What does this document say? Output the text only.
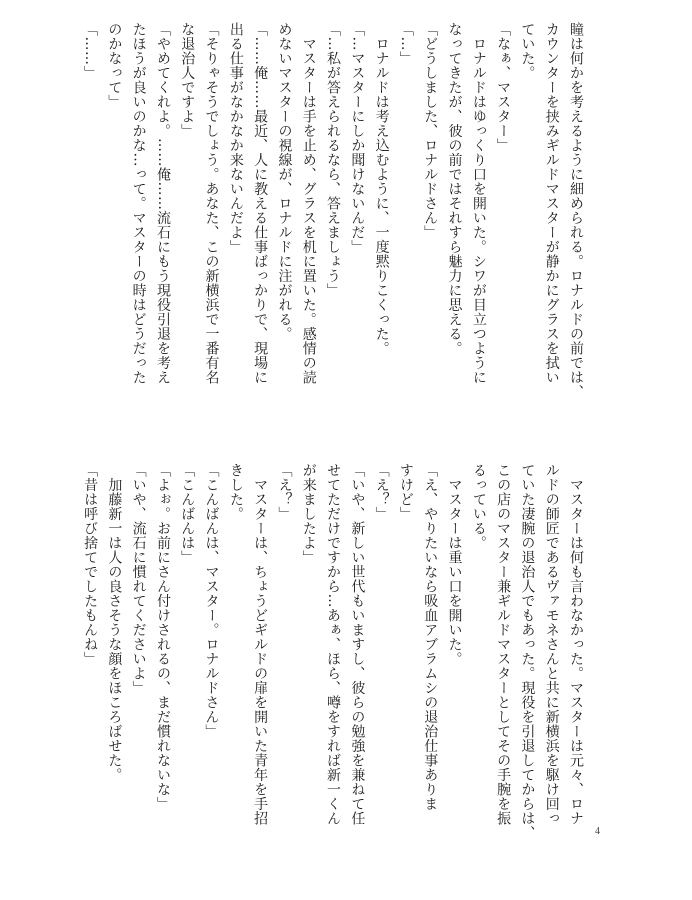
瞳は何かを考えるように細められる。ロナルドの前では、
カウンターを挟みギルドマスターが静かにグラスを拭い
ていた。
「なぁ、マスター」
　ロナルドはゆっくり口を開いた。シワが目立つように
なってきたが、彼の前ではそれすら魅力に思える。
「どうしました、ロナルドさん」
「…」
　ロナルドは考え込むように、一度黙りこくった。
「…マスターにしか聞けないんだ」
「…私が答えられるなら、答えましょう」
　マスターは手を止め、グラスを机に置いた。感情の読
めないマスターの視線が、ロナルドに注がれる。
「……俺……最近、人に教える仕事ばっかりで、現場に
出る仕事がなかなか来ないんだよ」
「そりゃそうでしょう。あなた、この新横浜で一番有名
な退治人ですよ」
「やめてくれよ。……俺……流石にもう現役引退を考え
たほうが良いのかな…って。マスターの時はどうだった
のかなって」
「……」
　マスターは何も言わなかった。マスターは元々、ロナ
ルドの師匠であるヴァモネさんと共に新横浜を駆け回っ
ていた凄腕の退治人でもあった。現役を引退してからは、
この店のマスター兼ギルドマスターとしてその手腕を振
るっている。
　マスターは重い口を開いた。
「え、やりたいなら吸血アブラムシの退治仕事ありま
すけど」
「え？」
「いや、新しい世代もいますし、彼らの勉強を兼ねて任
せてただけですから…あぁ、ほら、噂をすれば新一くん
が来ましたよ」
「え？」
　マスターは、ちょうどギルドの扉を開いた青年を手招
きした。
「こんばんは、マスター。ロナルドさん」
「こんばんは」
「よぉ。お前にさん付けされるの、まだ慣れないな」
「いや、流石に慣れてくださいよ」
　加藤新一は人の良さそうな顔をほころばせた。
「昔は呼び捨てでしたもんね」
4
